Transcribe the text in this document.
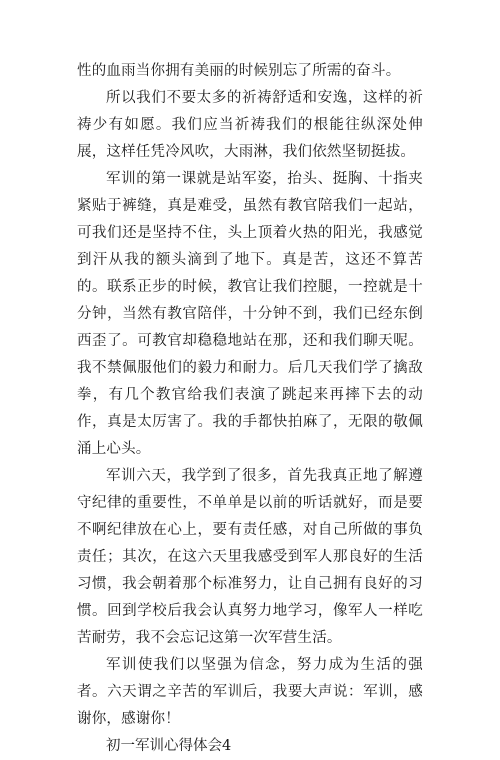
性的血雨当你拥有美丽的时候别忘了所需的奋斗。

所以我们不要太多的祈祷舒适和安逸，这样的祈祷少有如愿。我们应当祈祷我们的根能往纵深处伸展，这样任凭冷风吹，大雨淋，我们依然坚韧挺拔。

军训的第一课就是站军姿，抬头、挺胸、十指夹紧贴于裤缝，真是难受，虽然有教官陪我们一起站，可我们还是坚持不住，头上顶着火热的阳光，我感觉到汗从我的额头滴到了地下。真是苦，这还不算苦的。联系正步的时候，教官让我们控腿，一控就是十分钟，当然有教官陪伴，十分钟不到，我们已经东倒西歪了。可教官却稳稳地站在那，还和我们聊天呢。我不禁佩服他们的毅力和耐力。后几天我们学了擒敌拳，有几个教官给我们表演了跳起来再摔下去的动作，真是太厉害了。我的手都快拍麻了，无限的敬佩涌上心头。

军训六天，我学到了很多，首先我真正地了解遵守纪律的重要性，不单单是以前的听话就好，而是要不啊纪律放在心上，要有责任感，对自己所做的事负责任；其次，在这六天里我感受到军人那良好的生活习惯，我会朝着那个标准努力，让自己拥有良好的习惯。回到学校后我会认真努力地学习，像军人一样吃苦耐劳，我不会忘记这第一次军营生活。

军训使我们以坚强为信念，努力成为生活的强者。六天谓之辛苦的军训后，我要大声说：军训，感谢你，感谢你！

初一军训心得体会4
